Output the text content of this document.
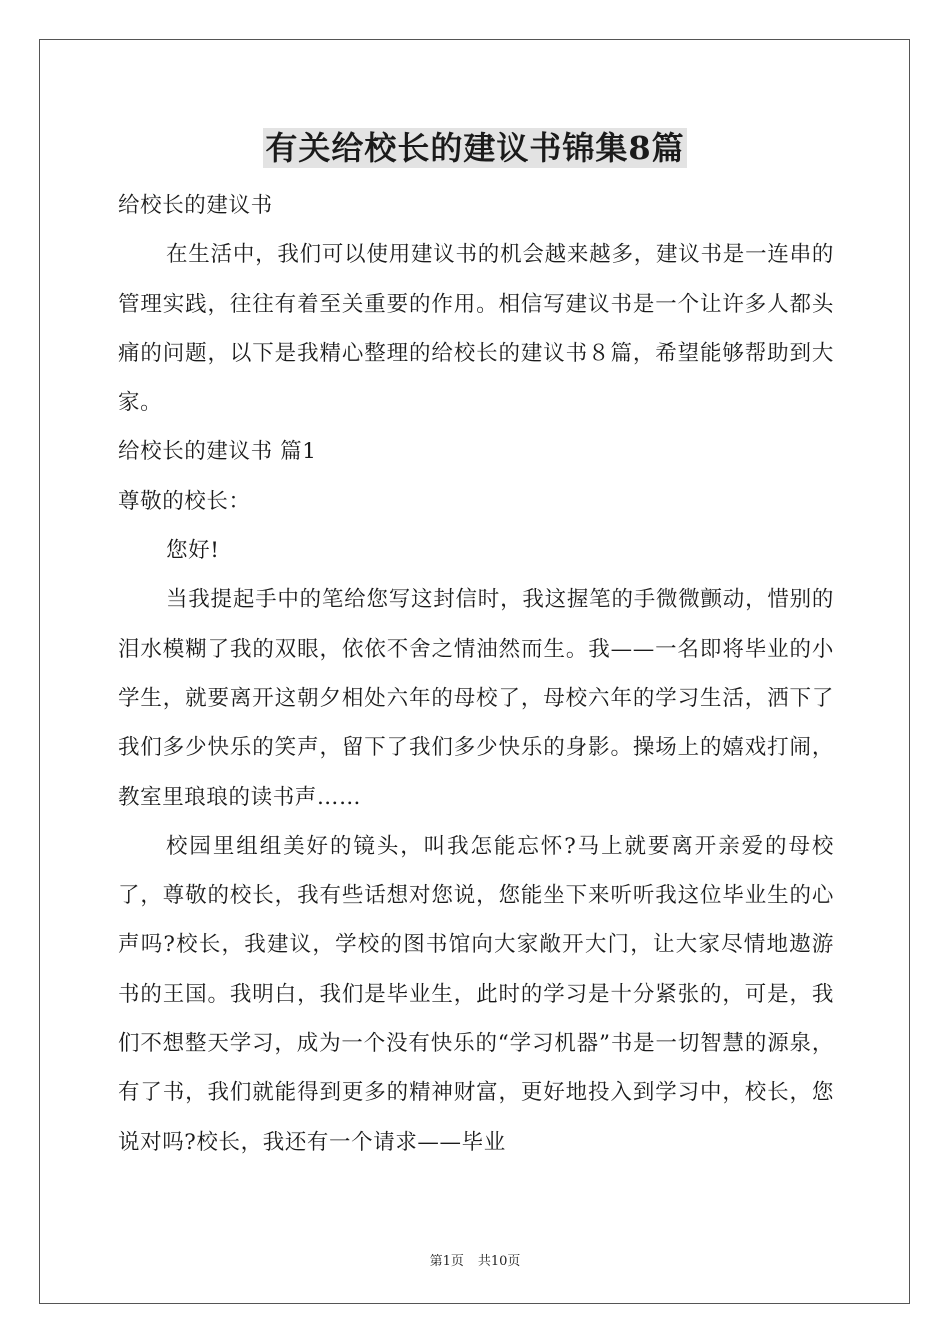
有关给校长的建议书锦集8篇

给校长的建议书

在生活中，我们可以使用建议书的机会越来越多，建议书是一连串的管理实践，往往有着至关重要的作用。相信写建议书是一个让许多人都头痛的问题，以下是我精心整理的给校长的建议书８篇，希望能够帮助到大家。

给校长的建议书 篇1

尊敬的校长：

您好!

当我提起手中的笔给您写这封信时，我这握笔的手微微颤动，惜别的泪水模糊了我的双眼，依依不舍之情油然而生。我——一名即将毕业的小学生，就要离开这朝夕相处六年的母校了，母校六年的学习生活，洒下了我们多少快乐的笑声，留下了我们多少快乐的身影。操场上的嬉戏打闹，教室里琅琅的读书声……

校园里组组美好的镜头，叫我怎能忘怀?马上就要离开亲爱的母校了，尊敬的校长，我有些话想对您说，您能坐下来听听我这位毕业生的心声吗?校长，我建议，学校的图书馆向大家敞开大门，让大家尽情地遨游书的王国。我明白，我们是毕业生，此时的学习是十分紧张的，可是，我们不想整天学习，成为一个没有快乐的“学习机器”书是一切智慧的源泉，有了书，我们就能得到更多的精神财富，更好地投入到学习中，校长，您说对吗?校长，我还有一个请求——毕业

第1页 共10页
